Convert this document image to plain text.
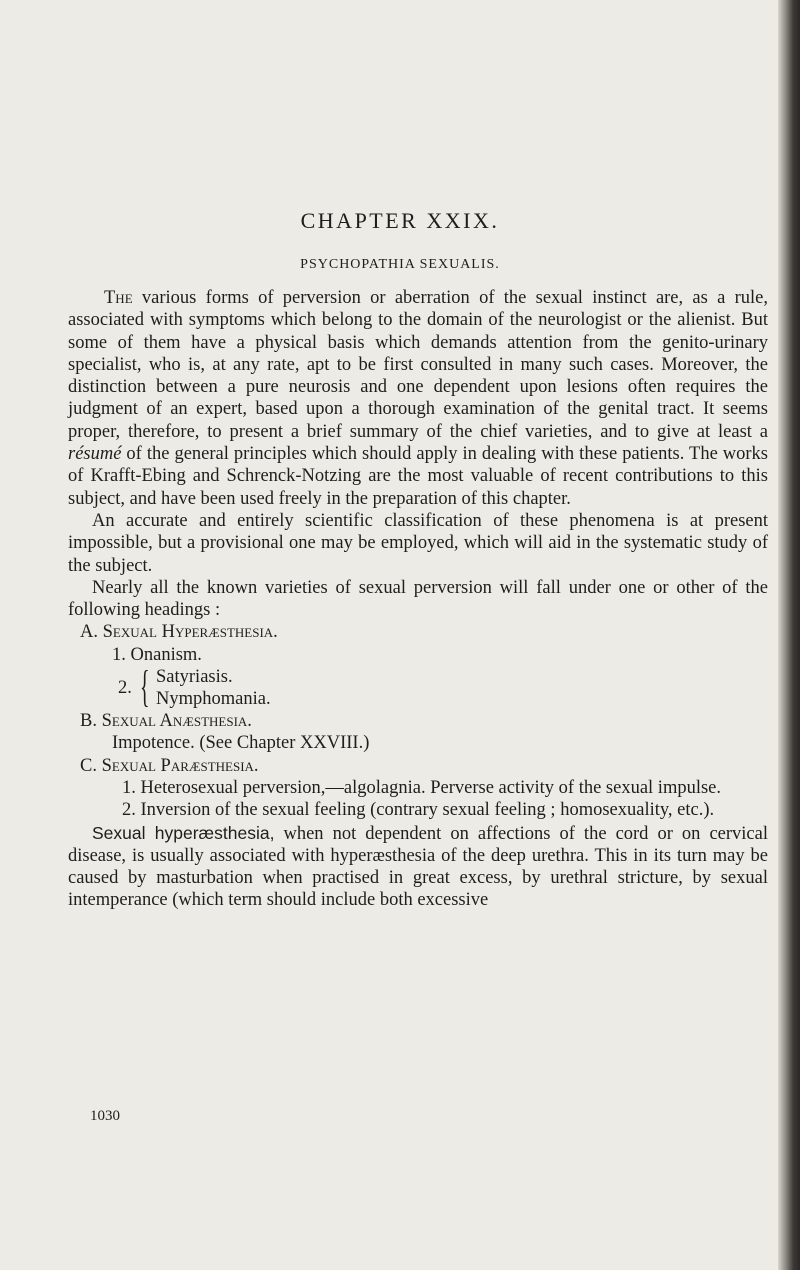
CHAPTER XXIX.
PSYCHOPATHIA SEXUALIS.

The various forms of perversion or aberration of the sexual instinct are, as a rule, associated with symptoms which belong to the domain of the neurologist or the alienist. But some of them have a physical basis which demands attention from the genito-urinary specialist, who is, at any rate, apt to be first consulted in many such cases. Moreover, the distinction between a pure neurosis and one dependent upon lesions often requires the judgment of an expert, based upon a thorough examination of the genital tract. It seems proper, therefore, to present a brief summary of the chief varieties, and to give at least a résumé of the general principles which should apply in dealing with these patients. The works of Krafft-Ebing and Schrenck-Notzing are the most valuable of recent contributions to this subject, and have been used freely in the preparation of this chapter.

An accurate and entirely scientific classification of these phenomena is at present impossible, but a provisional one may be employed, which will aid in the systematic study of the subject.

Nearly all the known varieties of sexual perversion will fall under one or other of the following headings :

A. Sexual Hyperæsthesia.
1. Onanism.
2. { Satyriasis.
Nymphomania.
B. Sexual Anæsthesia.
Impotence. (See Chapter XXVIII.)
C. Sexual Paræsthesia.
1. Heterosexual perversion,—algolagnia. Perverse activity of the sexual impulse.
2. Inversion of the sexual feeling (contrary sexual feeling ; homosexuality, etc.).

Sexual hyperæsthesia, when not dependent on affections of the cord or on cervical disease, is usually associated with hyperæsthesia of the deep urethra. This in its turn may be caused by masturbation when practised in great excess, by urethral stricture, by sexual intemperance (which term should include both excessive

1030
